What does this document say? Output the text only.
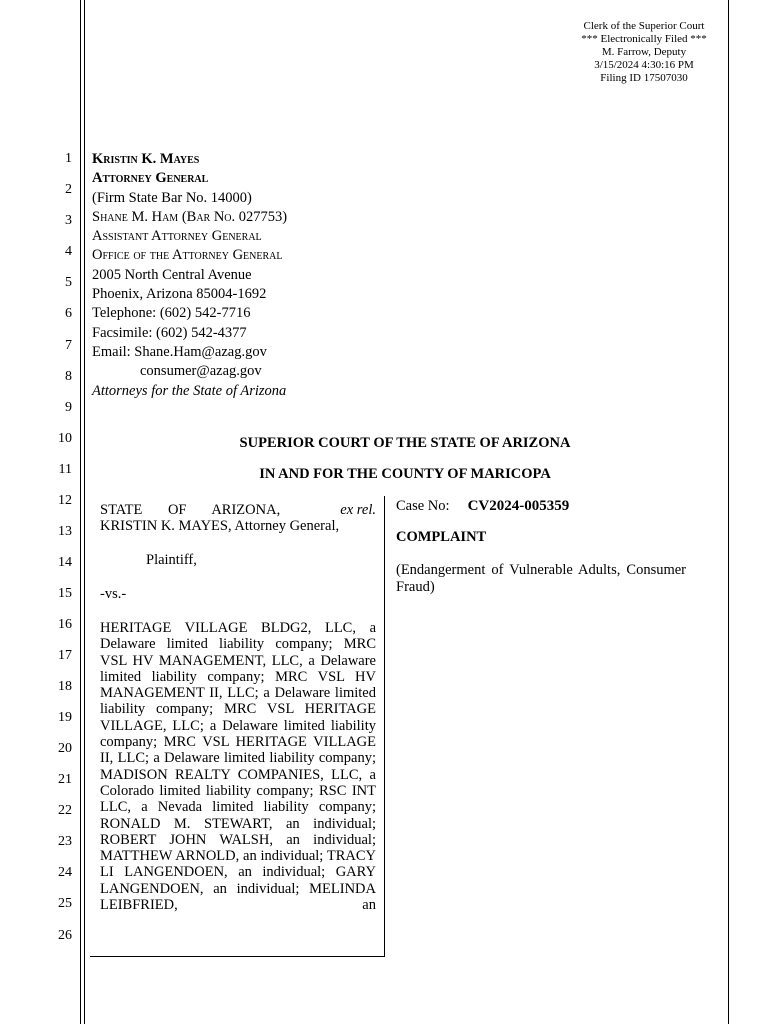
Clerk of the Superior Court
*** Electronically Filed ***
M. Farrow, Deputy
3/15/2024 4:30:16 PM
Filing ID 17507030
1
2
3
4
5
6
7
8
9
10
11
12
13
14
15
16
17
18
19
20
21
22
23
24
25
26
Kristin K. Mayes
Attorney General
(Firm State Bar No. 14000)
Shane M. Ham (Bar No. 027753)
Assistant Attorney General
Office of the Attorney General
2005 North Central Avenue
Phoenix, Arizona 85004-1692
Telephone: (602) 542-7716
Facsimile: (602) 542-4377
Email: Shane.Ham@azag.gov
consumer@azag.gov
Attorneys for the State of Arizona
SUPERIOR COURT OF THE STATE OF ARIZONA
IN AND FOR THE COUNTY OF MARICOPA
STATE OF ARIZONA,	ex rel.
KRISTIN K. MAYES, Attorney General,
Plaintiff,
-vs.-
HERITAGE VILLAGE BLDG2, LLC, a Delaware limited liability company; MRC VSL HV MANAGEMENT, LLC, a Delaware limited liability company; MRC VSL HV MANAGEMENT II, LLC; a Delaware limited liability company; MRC VSL HERITAGE VILLAGE, LLC; a Delaware limited liability company; MRC VSL HERITAGE VILLAGE II, LLC; a Delaware limited liability company; MADISON REALTY COMPANIES, LLC, a Colorado limited liability company; RSC INT LLC, a Nevada limited liability company; RONALD M. STEWART, an individual; ROBERT JOHN WALSH, an individual; MATTHEW ARNOLD, an individual; TRACY LI LANGENDOEN, an individual; GARY LANGENDOEN, an individual; MELINDA LEIBFRIED, an
Case No: CV2024-005359
COMPLAINT
(Endangerment of Vulnerable Adults, Consumer Fraud)
